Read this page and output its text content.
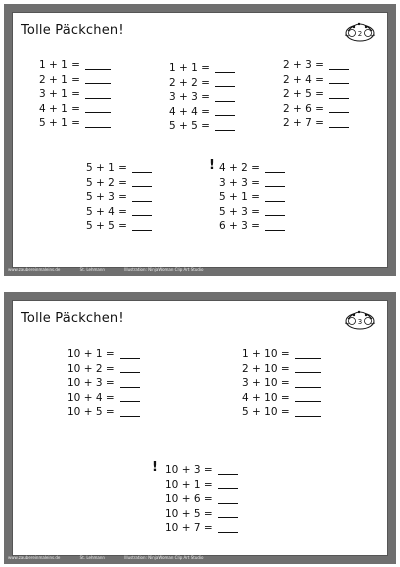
Tolle Päckchen!	2
1 + 1 =
2 + 1 =
3 + 1 =
4 + 1 =
5 + 1 =
1 + 1 =
2 + 2 =
3 + 3 =
4 + 4 =
5 + 5 =
2 + 3 =
2 + 4 =
2 + 5 =
2 + 6 =
2 + 7 =
5 + 1 =
5 + 2 =
5 + 3 =
5 + 4 =
5 + 5 =
! 4 + 2 =
3 + 3 =
5 + 1 =
5 + 3 =
6 + 3 =
www.zaubereinmaleins.de	St. Lehmann	Illustration: NinjaWoman Clip Art Studio
Tolle Päckchen!	3
10 + 1 =
10 + 2 =
10 + 3 =
10 + 4 =
10 + 5 =
1 + 10 =
2 + 10 =
3 + 10 =
4 + 10 =
5 + 10 =
! 10 + 3 =
10 + 1 =
10 + 6 =
10 + 5 =
10 + 7 =
www.zaubereinmaleins.de	St. Lehmann	Illustration: NinjaWoman Clip Art Studio
